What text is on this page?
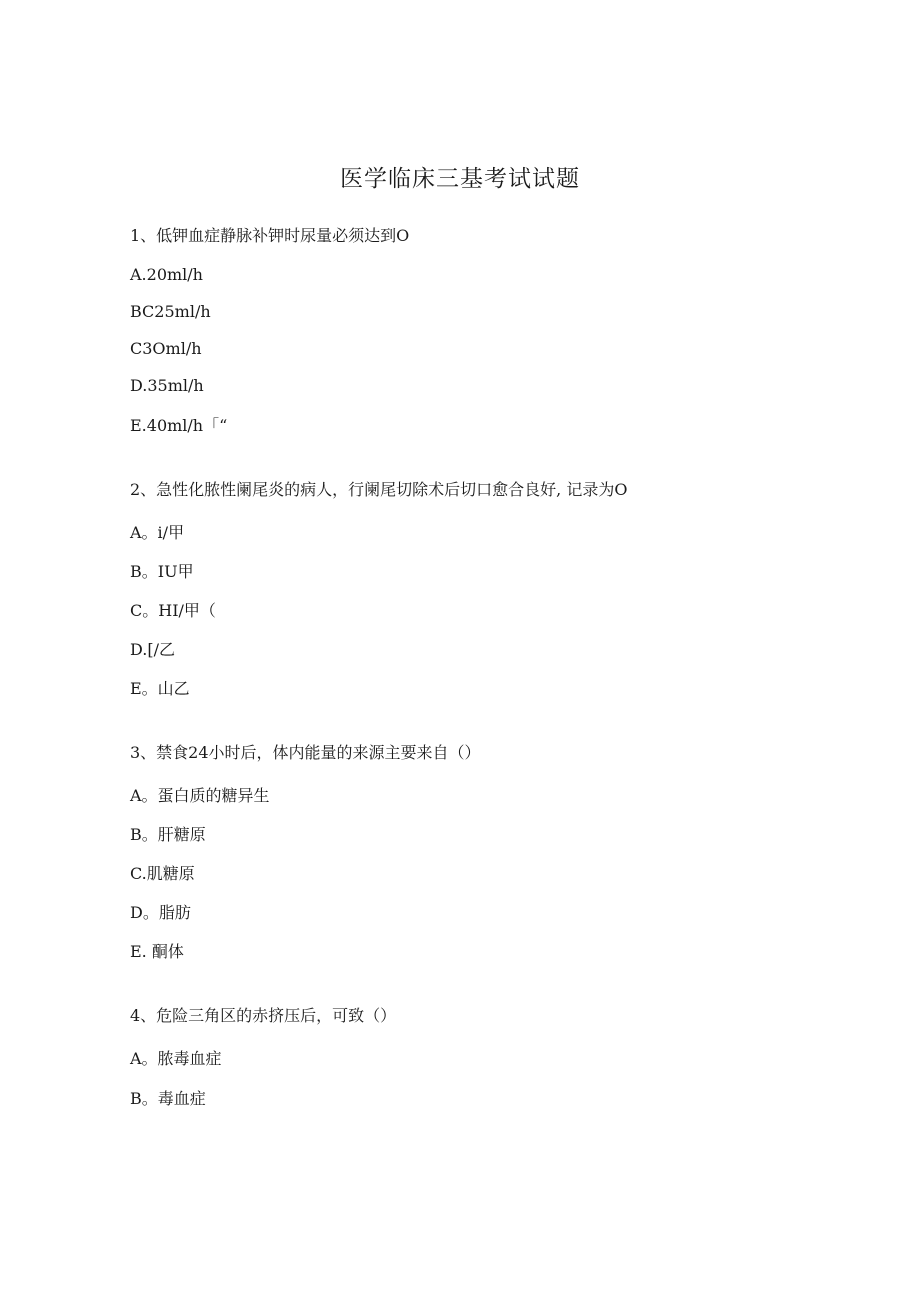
医学临床三基考试试题
1、低钾血症静脉补钾时尿量必须达到O
A.20ml∕h
BC25ml∕h
C3Oml∕h
D.35ml∕h
E.40ml∕h「“
2、急性化脓性阑尾炎的病人，行阑尾切除术后切口愈合良好, 记录为O
A。i/甲
B。IU甲
C。HI/甲（
D.[/乙
E。山乙
3、禁食24小时后，体内能量的来源主要来自（）
A。蛋白质的糖异生
B。肝糖原
C.肌糖原
D。脂肪
E. 酮体
4、危险三角区的赤挤压后，可致（）
A。脓毒血症
B。毒血症
